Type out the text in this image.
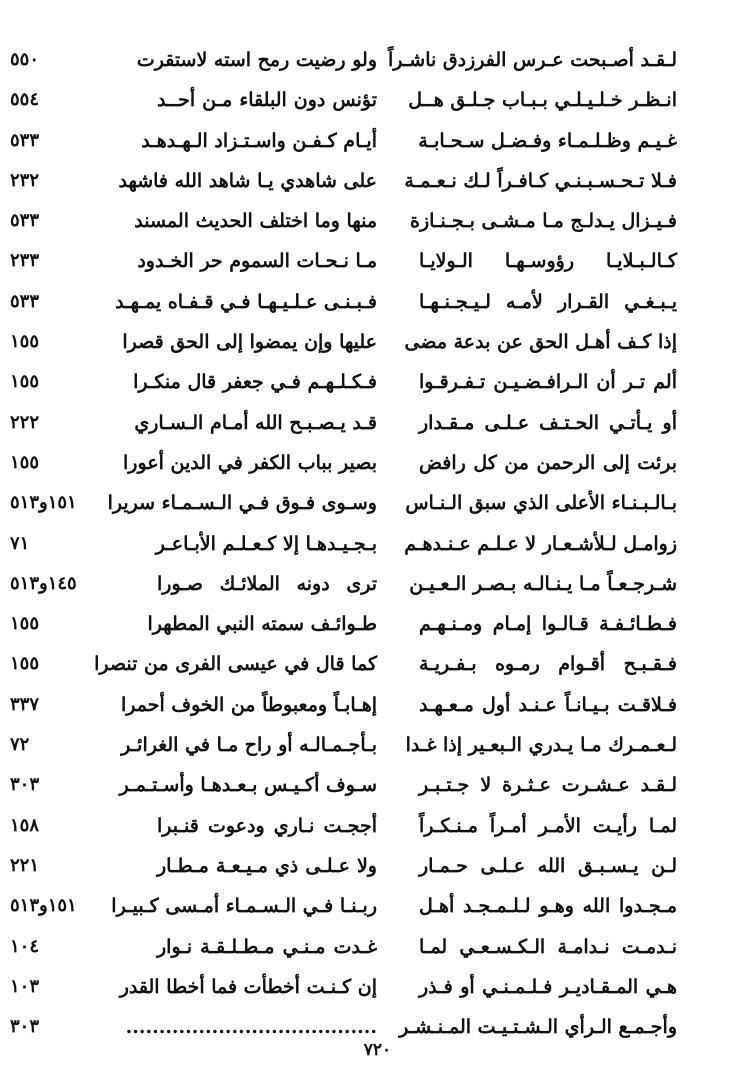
لـقـد أصـبحت عـرس الفرزدق ناشـراً
ولو رضيت رمح استه لاستقرت
٥٥٠
انـظـر خـلـيـلـي بـبـاب جـلـق هــل
تؤنس دون البلقاء مـن أحــد
٥٥٤
غـيـم وظـلـمـاء وفـضـل سـحـابـة
أيـام كـفـن واسـتـزاد الـهـدهـد
٥٣٣
فـلا تـحـسـبـنـي كـافـراً لـك نـعـمـة
على شاهدي يـا شاهد الله فاشهد
٢٣٢
فـيـزال يـدلـج مـا مـشـى بـجـنـازة
منها وما اختلف الحديث المسند
٥٣٣
كـالـبـلايـا رؤوسـهـا الـولايـا
مـا نـحـات السموم حر الخـدود
٢٣٣
يـبـغـي القـرار لأمـه لـيـجـنـهـا
فـبـنـى عـلـيـهـا فـي قـفـاه يمـهـد
٥٣٣
إذا كـف أهـل الحق عن بدعة مضى
عليها وإن يمضوا إلى الحق قصرا
١٥٥
ألم تـر أن الـرافـضـيـن تـفـرقـوا
فـكـلـهـم فـي جعفر قال منكـرا
١٥٥
أو يـأتـي الحـتـف عـلـى مـقـدار
قـد يـصـبـح الله أمـام الـسـاري
٢٢٢
برئت إلى الرحمن من كل رافض
بصير بباب الكفر في الدين أعورا
١٥٥
بـالـبـنـاء الأعلى الذي سبق الـنـاس
وسـوى فـوق فـي الـسـمـاء سريرا
١٥١و٥١٣
زوامـل لـلأشـعـار لا عـلـم عـنـدهـم
بـجـيـدهـا إلا كـعـلـم الأبـاعـر
٧١
شـرجـعـاً مـا يـنـالـه بـصـر الـعـيـن
ترى دونه الملائـك صـورا
١٤٥و٥١٣
فـطـائـفـة قـالـوا إمـام ومـنـهـم
طـوائـف سمته النبي المطهرا
١٥٥
فـقـبـح أقـوام رمـوه بـفـريـة
كما قال في عيسى الفرى من تنصرا
١٥٥
فـلاقـت بـيـانـاً عـنـد أول مـعـهـد
إهـابـاً ومعبوطاً من الخوف أحمرا
٣٣٧
لـعـمـرك مـا يـدري الـبعـير إذا غـدا
بـأجـمـالـه أو راح مـا في الغرائـر
٧٢
لـقـد عـشـرت عـثـرة لا جـتـبـر
سـوف أكـيـس بـعـدهـا وأسـتـمـر
٣٠٣
لمـا رأيـت الأمـر أمـراً مـنـكـراً
أججـت نـاري ودعوت قنـبرا
١٥٨
لـن يـسـبـق الله عـلـى حـمـار
ولا عـلـى ذي مـيـعـة مـطـار
٢٢١
مـجـدوا الله وهـو لـلـمـجـد أهـل
ربـنـا فـي الـسـمـاء أمـسى كـبيـرا
١٥١و٥١٣
نـدمـت نـدامـة الـكـسـعـي لمـا
غـدت مـنـي مـطـلـقـة نـوار
١٠٤
هـي المـقـاديـر فـلـمـنـي أو فـذر
إن كـنـت أخطأت فما أخطا القدر
١٠٣
وأجـمـع الـرأي الـشـتـيـت المـنـشـر
......................................
٣٠٣
٧٢٠
